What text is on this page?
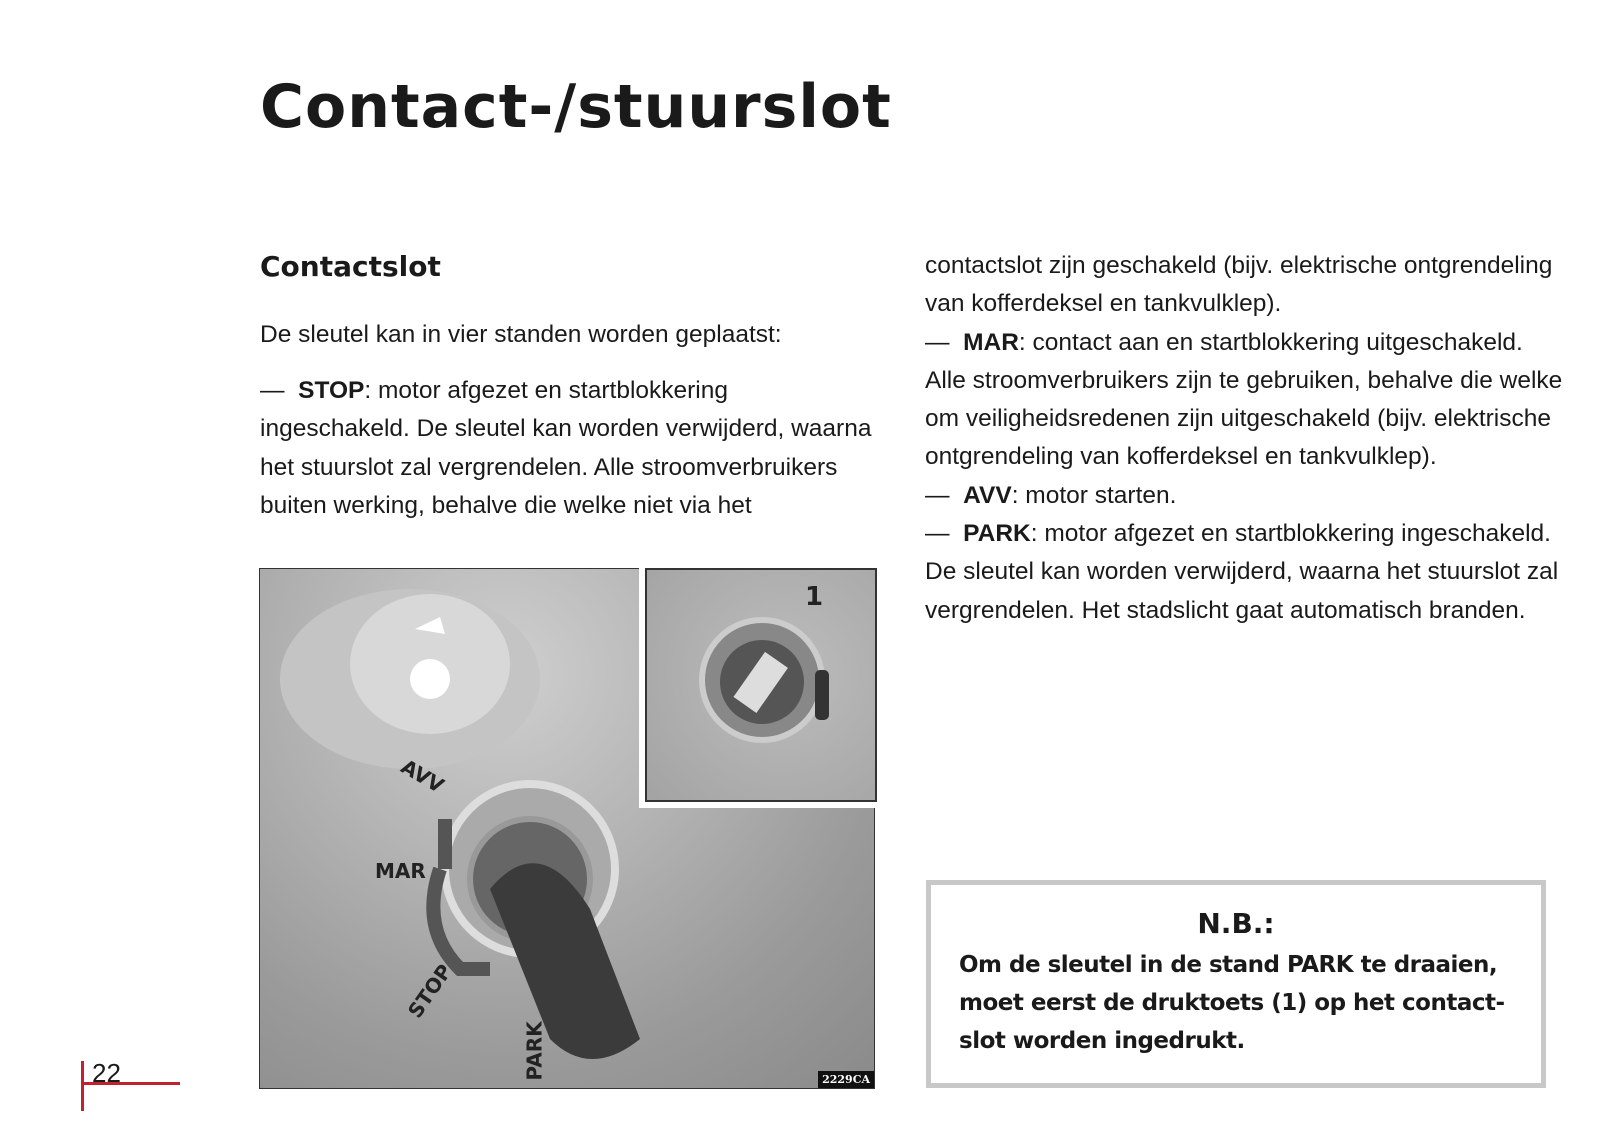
Contact-/stuurslot
Contactslot
De sleutel kan in vier standen worden geplaatst:
— STOP: motor afgezet en startblokkering ingeschakeld. De sleutel kan worden verwijderd, waarna het stuurslot zal vergrendelen. Alle stroomverbruikers buiten werking, behalve die welke niet via het
contactslot zijn geschakeld (bijv. elektrische ontgrendeling van kofferdeksel en tankvulklep).
— MAR: contact aan en startblokkering uitgeschakeld. Alle stroomverbruikers zijn te gebruiken, behalve die welke om veiligheidsredenen zijn uitgeschakeld (bijv. elektrische ontgrendeling van kofferdeksel en tankvulklep).
— AVV: motor starten.
— PARK: motor afgezet en startblokkering ingeschakeld. De sleutel kan worden verwijderd, waarna het stuurslot zal vergrendelen. Het stadslicht gaat automatisch branden.
AVV
MAR
STOP
PARK	2229CA
1
N.B.:

Om de sleutel in de stand PARK te draaien, moet eerst de druktoets (1) op het contact-slot worden ingedrukt.

22
